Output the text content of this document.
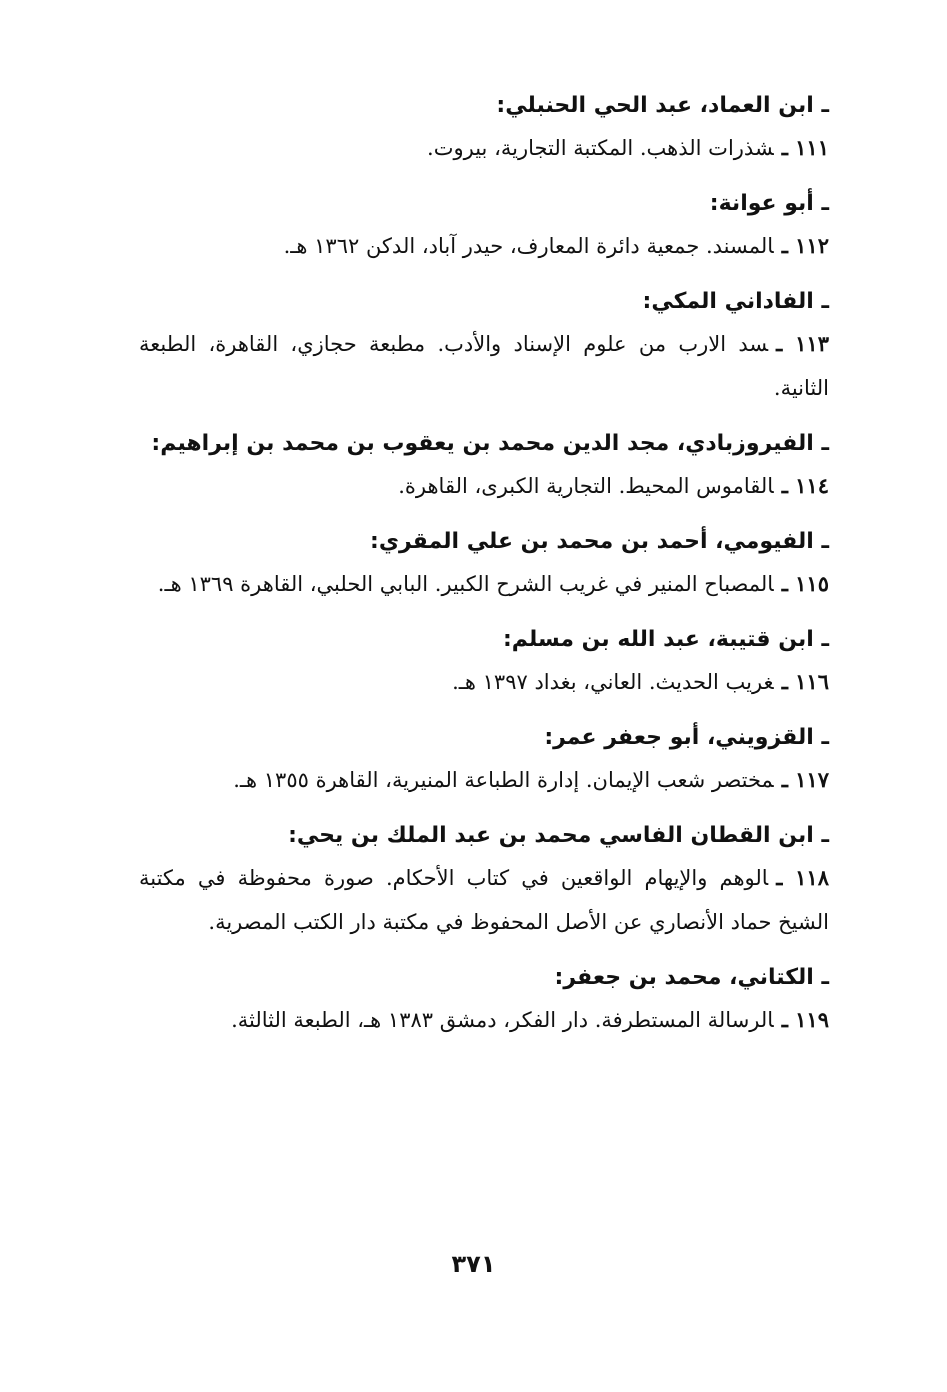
ـ ابن العماد، عبد الحي الحنبلي:
١١١ ـشذرات الذهب. المكتبة التجارية، بيروت.
ـ أبو عوانة:
١١٢ ـالمسند. جمعية دائرة المعارف، حيدر آباد، الدكن ١٣٦٢ هـ.
ـ الفاداني المكي:
١١٣ ـسد الارب من علوم الإسناد والأدب. مطبعة حجازي، القاهرة، الطبعة الثانية.
ـ الفيروزبادي، مجد الدين محمد بن يعقوب بن محمد بن إبراهيم:
١١٤ ـالقاموس المحيط. التجارية الكبرى، القاهرة.
ـ الفيومي، أحمد بن محمد بن علي المقري:
١١٥ ـالمصباح المنير في غريب الشرح الكبير. البابي الحلبي، القاهرة ١٣٦٩ هـ.
ـ ابن قتيبة، عبد الله بن مسلم:
١١٦ ـغريب الحديث. العاني، بغداد ١٣٩٧ هـ.
ـ القزويني، أبو جعفر عمر:
١١٧ ـمختصر شعب الإيمان. إدارة الطباعة المنيرية، القاهرة ١٣٥٥ هـ.
ـ ابن القطان الفاسي محمد بن عبد الملك بن يحي:
١١٨ ـالوهم والإيهام الواقعين في كتاب الأحكام. صورة محفوظة في مكتبة الشيخ حماد الأنصاري عن الأصل المحفوظ في مكتبة دار الكتب المصرية.
ـ الكتاني، محمد بن جعفر:
١١٩ ـالرسالة المستطرفة. دار الفكر، دمشق ١٣٨٣ هـ، الطبعة الثالثة.
٣٧١
